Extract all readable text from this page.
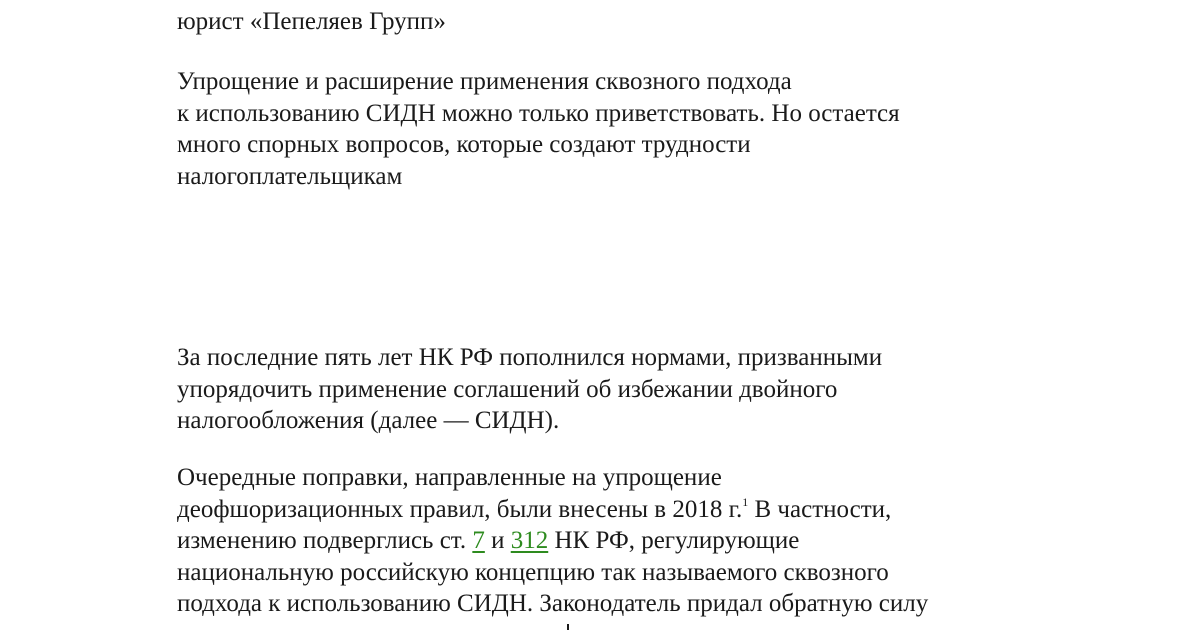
юрист «Пепеляев Групп»

Упрощение и расширение применения сквозного подхода
к использованию СИДН можно только приветствовать. Но остается
много спорных вопросов, которые создают трудности
налогоплательщикам

За последние пять лет НК РФ пополнился нормами, призванными
упорядочить применение соглашений об избежании двойного
налогообложения (далее — СИДН).

Очередные поправки, направленные на упрощение
деофшоризационных правил, были внесены в 2018 г.$^1$ В частности,
изменению подверглись ст. 7 и 312 НК РФ, регулирующие
национальную российскую концепцию так называемого сквозного
подхода к использованию СИДН. Законодатель придал обратную силу
